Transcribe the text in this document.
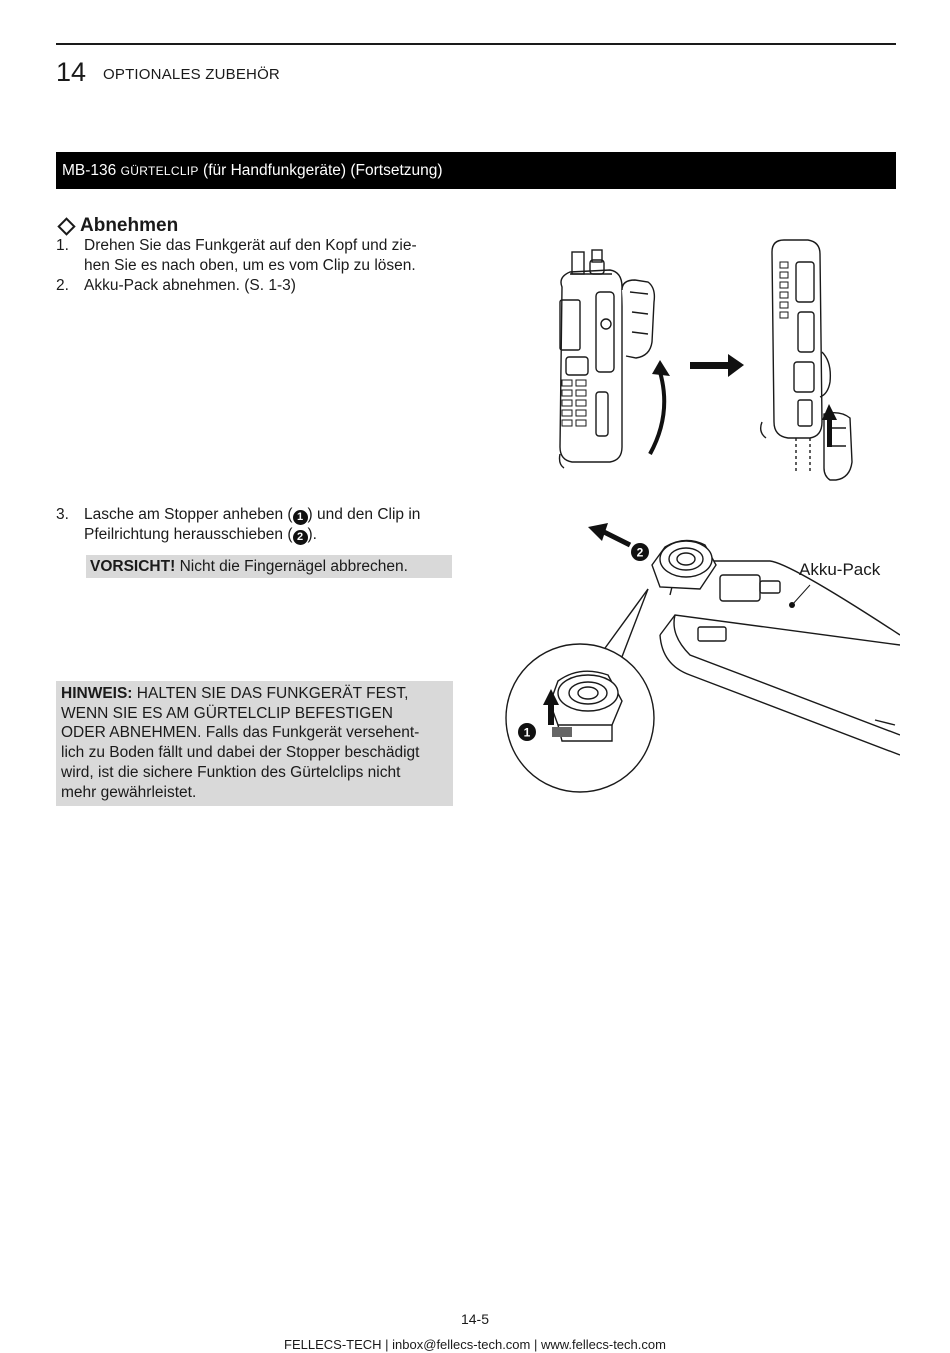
14 OPTIONALES ZUBEHÖR
MB-136 GÜRTELCLIP (für Handfunkgeräte) (Fortsetzung)
Abnehmen
1. Drehen Sie das Funkgerät auf den Kopf und zie-
hen Sie es nach oben, um es vom Clip zu lösen.
2. Akku-Pack abnehmen. (S. 1-3)
3. Lasche am Stopper anheben ( 1 ) und den Clip in
Pfeilrichtung herausschieben ( 2 ).
VORSICHT! Nicht die Fingernägel abbrechen.
HINWEIS: HALTEN SIE DAS FUNKGERÄT FEST,
WENN SIE ES AM GÜRTELCLIP BEFESTIGEN
ODER ABNEHMEN. Falls das Funkgerät versehent-
lich zu Boden fällt und dabei der Stopper beschädigt
wird, ist die sichere Funktion des Gürtelclips nicht
mehr gewährleistet.
2
Akku-Pack
1
14-5
FELLECS-TECH | inbox@fellecs-tech.com | www.fellecs-tech.com
